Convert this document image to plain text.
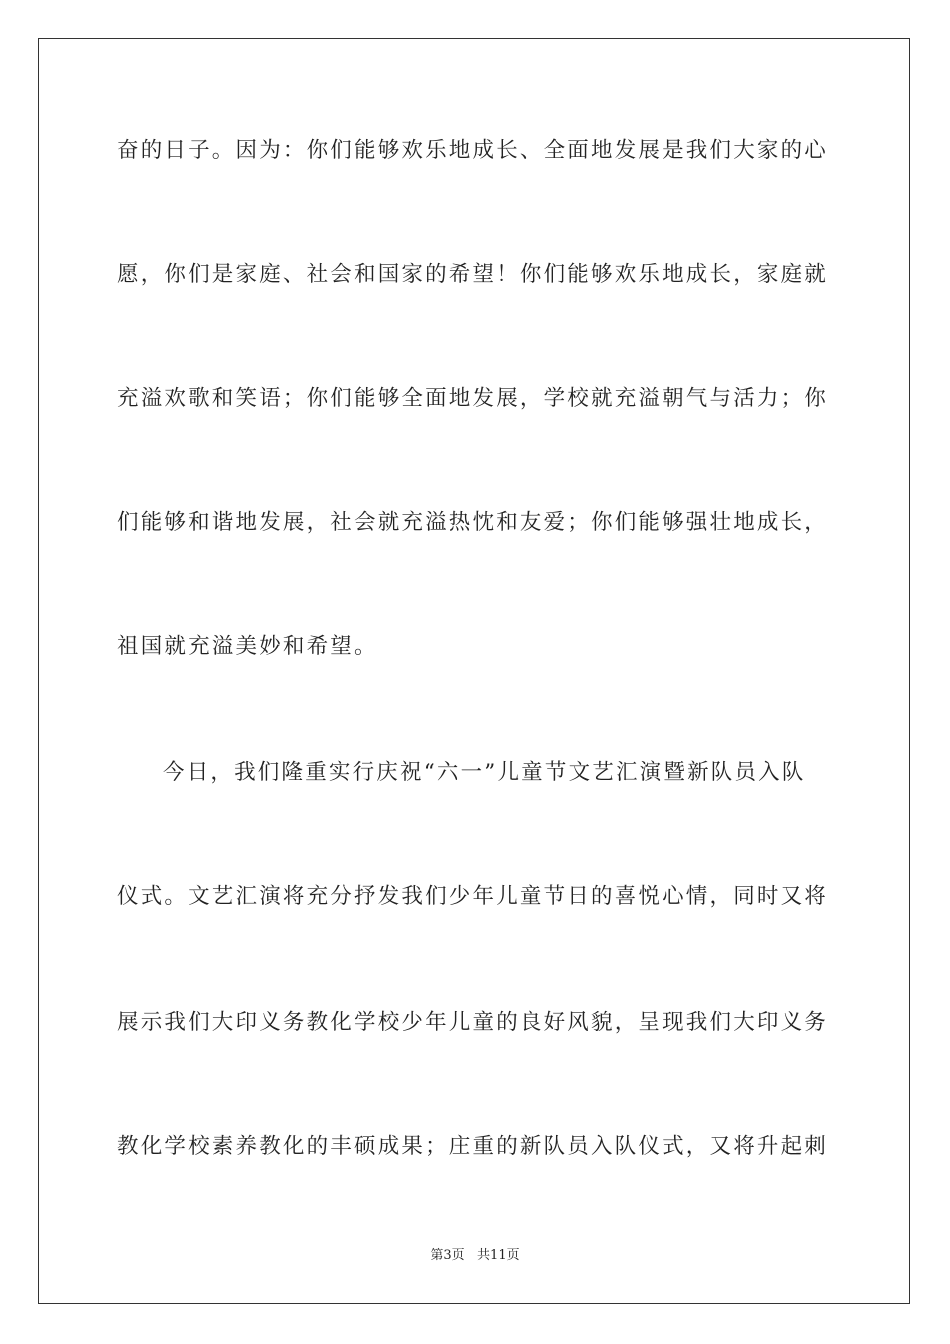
奋的日子。因为：你们能够欢乐地成长、全面地发展是我们大家的心
愿，你们是家庭、社会和国家的希望！你们能够欢乐地成长，家庭就
充溢欢歌和笑语；你们能够全面地发展，学校就充溢朝气与活力；你
们能够和谐地发展，社会就充溢热忱和友爱；你们能够强壮地成长，
祖国就充溢美妙和希望。
今日，我们隆重实行庆祝“六一”儿童节文艺汇演暨新队员入队
仪式。文艺汇演将充分抒发我们少年儿童节日的喜悦心情，同时又将
展示我们大印义务教化学校少年儿童的良好风貌，呈现我们大印义务
教化学校素养教化的丰硕成果；庄重的新队员入队仪式，又将升起刺
第3页   共11页
